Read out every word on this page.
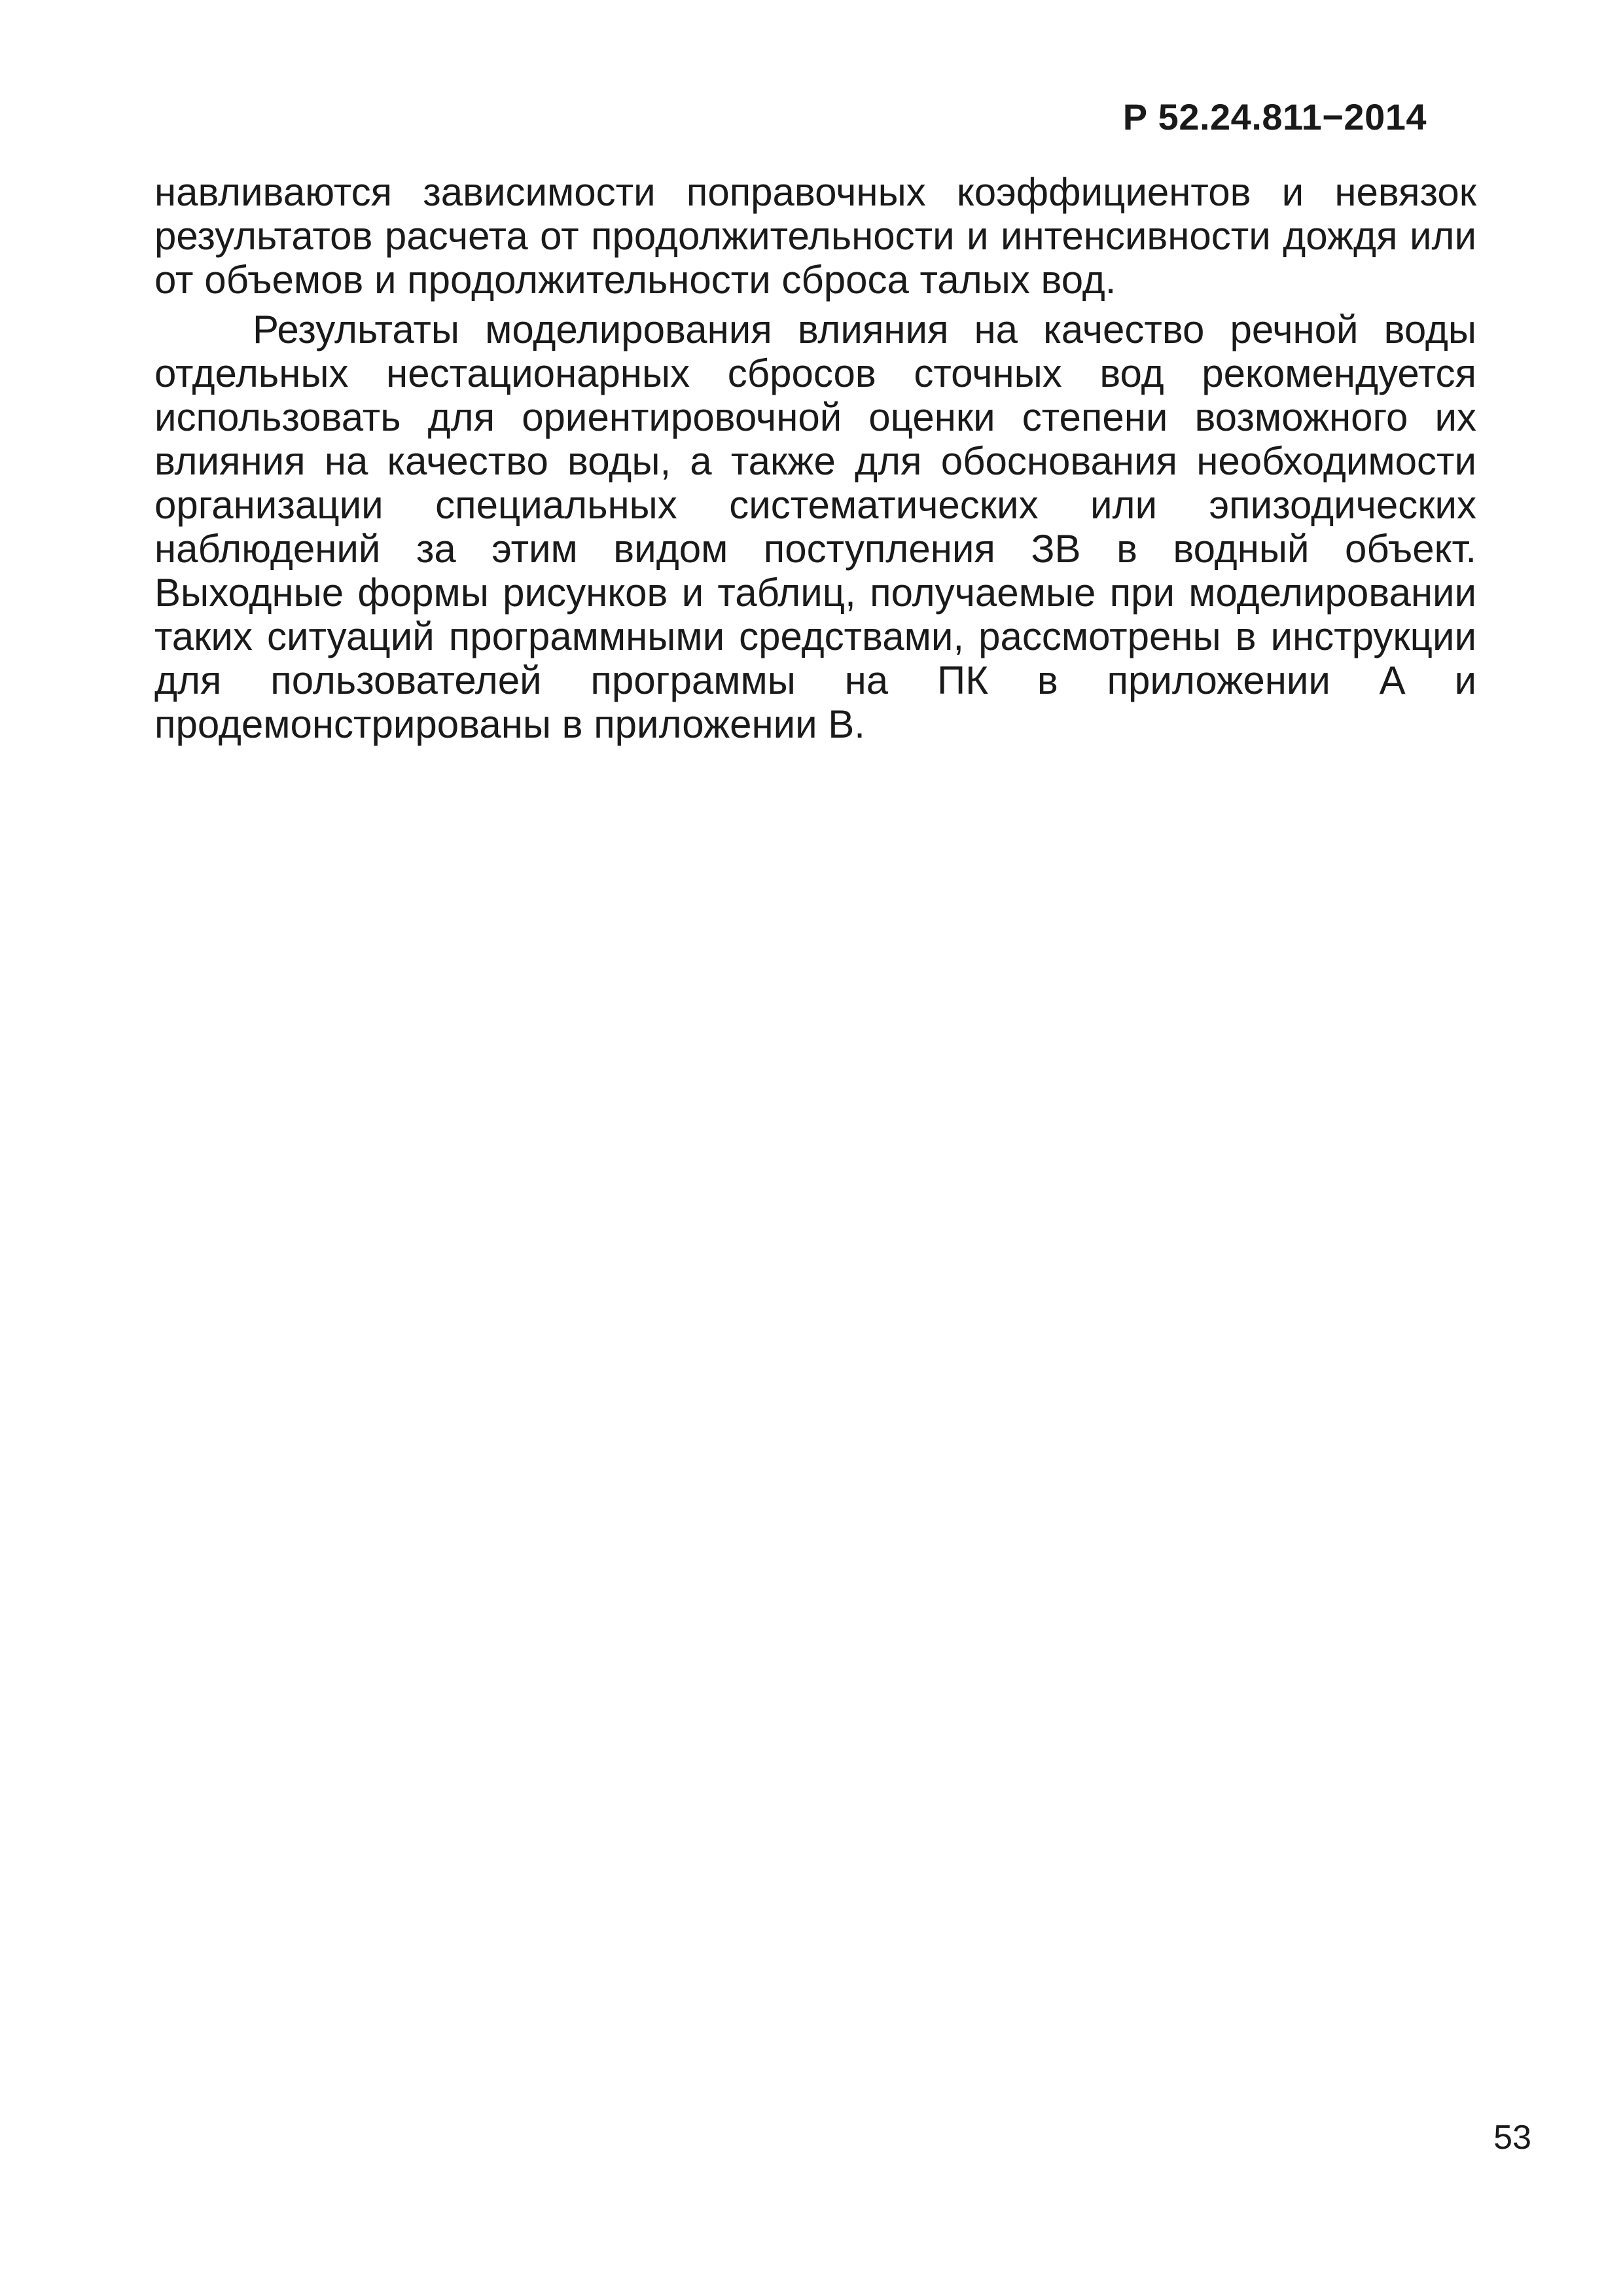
Р 52.24.811−2014

навливаются зависимости поправочных коэффициентов и невязок результатов расчета от продолжительности и интенсивности дождя или от объемов и продолжительности сброса талых вод.

Результаты моделирования влияния на качество речной воды отдельных нестационарных сбросов сточных вод рекомендуется использовать для ориентировочной оценки степени возможного их влияния на качество воды, а также для обоснования необходимости организации специальных систематических или эпизодических наблюдений за этим видом поступления ЗВ в водный объект. Выходные формы рисунков и таблиц, получаемые при моделировании таких ситуаций программными средствами, рассмотрены в инструкции для пользователей программы на ПК в приложении А и продемонстрированы в приложении В.

53
